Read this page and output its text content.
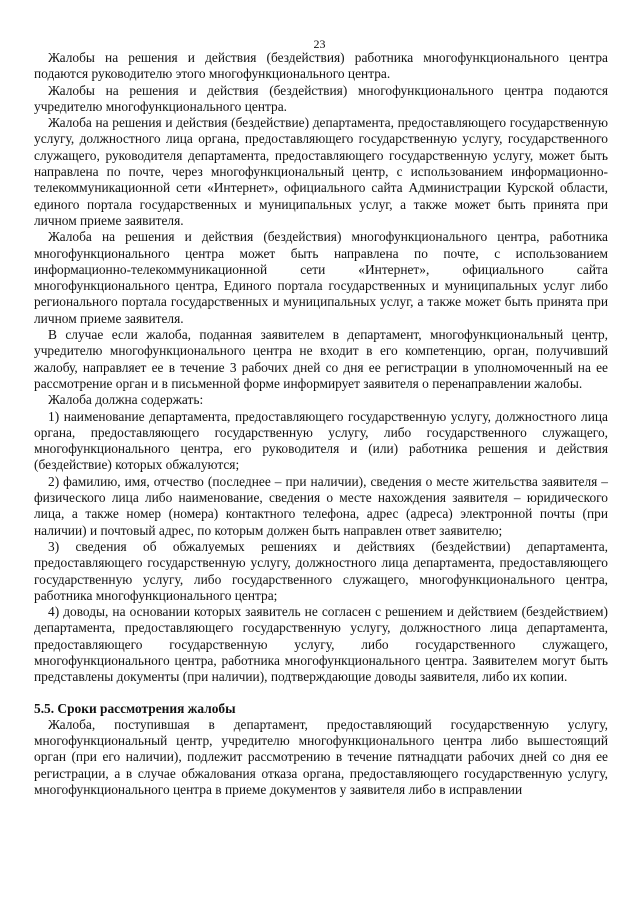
23

Жалобы на решения и действия (бездействия) работника многофункционального центра подаются руководителю этого многофункционального центра.

Жалобы на решения и действия (бездействия) многофункционального центра подаются учредителю многофункционального центра.

Жалоба на решения и действия (бездействие) департамента, предоставляющего государственную услугу, должностного лица органа, предоставляющего государственную услугу, государственного служащего, руководителя департамента, предоставляющего государственную услугу, может быть направлена по почте, через многофункциональный центр, с использованием информационно-телекоммуникационной сети «Интернет», официального сайта Администрации Курской области, единого портала государственных и муниципальных услуг, а также может быть принята при личном приеме заявителя.

Жалоба на решения и действия (бездействия) многофункционального центра, работника многофункционального центра может быть направлена по почте, с использованием информационно-телекоммуникационной сети «Интернет», официального сайта многофункционального центра, Единого портала государственных и муниципальных услуг либо регионального портала государственных и муниципальных услуг, а также может быть принята при личном приеме заявителя.

В случае если жалоба, поданная заявителем в департамент, многофункциональный центр, учредителю многофункционального центра не входит в его компетенцию, орган, получивший жалобу, направляет ее в течение 3 рабочих дней со дня ее регистрации в уполномоченный на ее рассмотрение орган и в письменной форме информирует заявителя о перенаправлении жалобы.

Жалоба должна содержать:

1) наименование департамента, предоставляющего государственную услугу, должностного лица органа, предоставляющего государственную услугу, либо государственного служащего, многофункционального центра, его руководителя и (или) работника решения и действия (бездействие) которых обжалуются;

2) фамилию, имя, отчество (последнее – при наличии), сведения о месте жительства заявителя – физического лица либо наименование, сведения о месте нахождения заявителя – юридического лица, а также номер (номера) контактного телефона, адрес (адреса) электронной почты (при наличии) и почтовый адрес, по которым должен быть направлен ответ заявителю;

3) сведения об обжалуемых решениях и действиях (бездействии) департамента, предоставляющего государственную услугу, должностного лица департамента, предоставляющего государственную услугу, либо государственного служащего, многофункционального центра, работника многофункционального центра;

4) доводы, на основании которых заявитель не согласен с решением и действием (бездействием) департамента, предоставляющего государственную услугу, должностного лица департамента, предоставляющего государственную услугу, либо государственного служащего, многофункционального центра, работника многофункционального центра. Заявителем могут быть представлены документы (при наличии), подтверждающие доводы заявителя, либо их копии.

5.5. Сроки рассмотрения жалобы

Жалоба, поступившая в департамент, предоставляющий государственную услугу, многофункциональный центр, учредителю многофункционального центра либо вышестоящий орган (при его наличии), подлежит рассмотрению в течение пятнадцати рабочих дней со дня ее регистрации, а в случае обжалования отказа органа, предоставляющего государственную услугу, многофункционального центра в приеме документов у заявителя либо в исправлении
